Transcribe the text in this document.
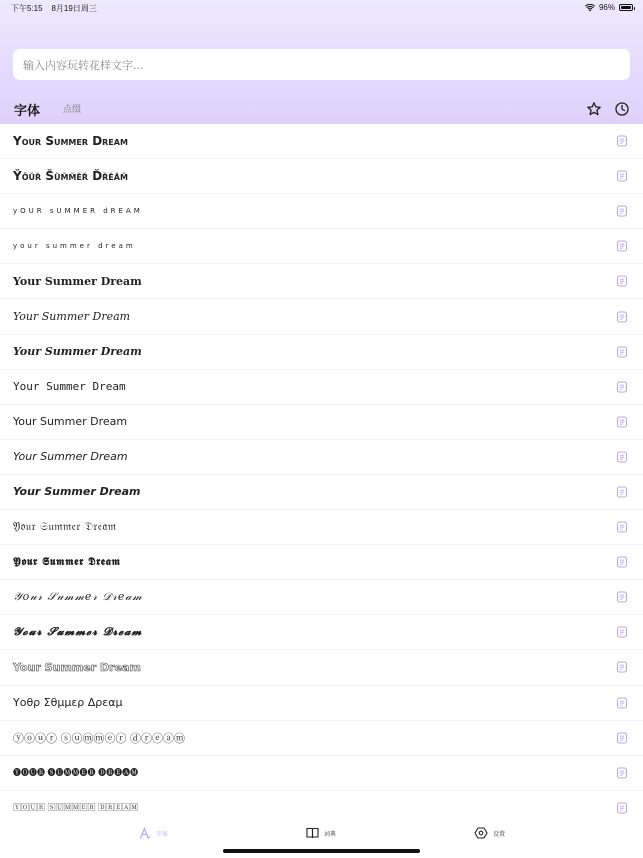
下午5:15 8月19日周三	96%
输入内容玩转花样文字...
字体	点缀
Your Summer Dream
Y̆ö̆ŭr̆ S̆ŭm̆m̆ĕr̆ D̆r̆ĕăm̆
yOUR sUMMER dREAM
your summer dream
Your Summer Dream
Your Summer Dream
Your Summer Dream
Your Summer Dream
Your Summer Dream
Your Summer Dream
Your Summer Dream
𝔜𝔬𝔲𝔯 𝔖𝔲𝔪𝔪𝔢𝔯 𝔇𝔯𝔢𝔞𝔪
𝖄𝖔𝖚𝖗 𝕾𝖚𝖒𝖒𝖊𝖗 𝕯𝖗𝖊𝖆𝖒
𝒴𝑜𝓊𝓇 𝒮𝓊𝓂𝓂𝑒𝓇 𝒟𝓇𝑒𝒶𝓂
𝓨𝓸𝓾𝓻 𝓢𝓾𝓶𝓶𝓮𝓻 𝓓𝓻𝓮𝓪𝓶
Your Summer Dream
Υοθρ Σθμμερ Δρεαμ
ⓨⓞⓤⓡ ⓢⓤⓜⓜⓔⓡ ⓓⓡⓔⓐⓜ
🅨🅞🅤🅡 🅢🅤🅜🅜🅔🅡 🅓🅡🅔🅐🅜
🅈🄾🅄🅁 🅂🅄🄼🄼🄴🅁 🄳🅁🄴🄰🄼
字体	词典	设置
